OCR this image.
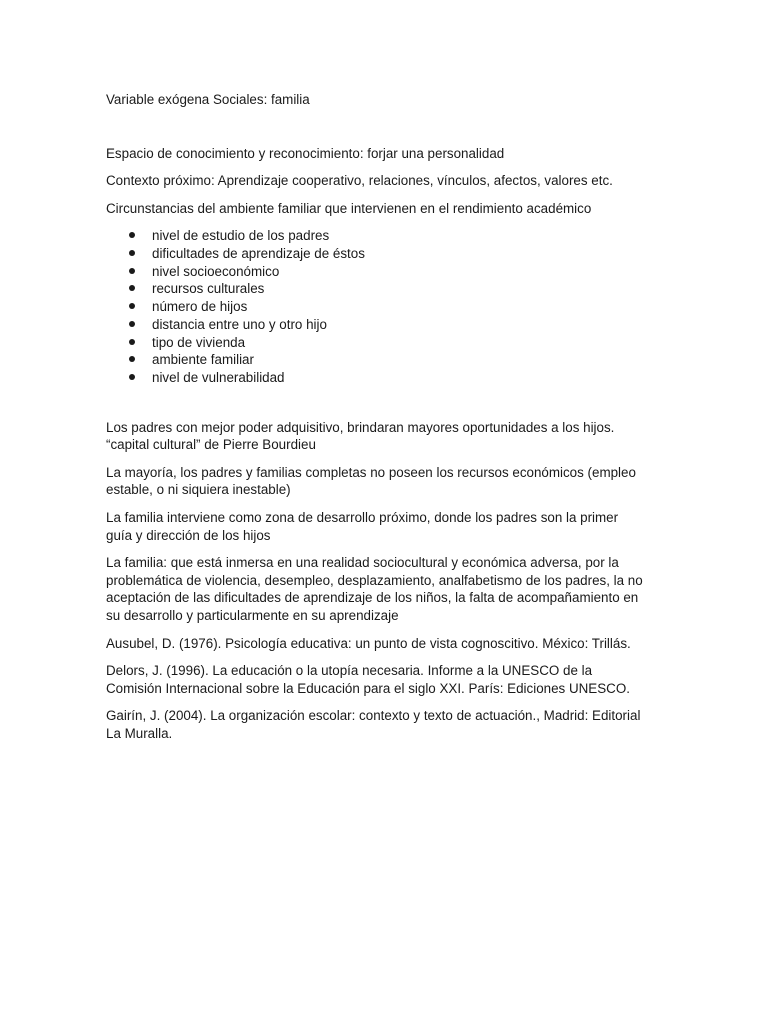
Variable exógena Sociales: familia

Espacio de conocimiento y reconocimiento: forjar una personalidad

Contexto próximo: Aprendizaje cooperativo, relaciones, vínculos, afectos, valores etc.

Circunstancias del ambiente familiar que intervienen en el rendimiento académico

nivel de estudio de los padres
dificultades de aprendizaje de éstos
nivel socioeconómico
recursos culturales
número de hijos
distancia entre uno y otro hijo
tipo de vivienda
ambiente familiar
nivel de vulnerabilidad

Los padres con mejor poder adquisitivo, brindaran mayores oportunidades a los hijos.
“capital cultural” de Pierre Bourdieu

La mayoría, los padres y familias completas no poseen los recursos económicos (empleo
estable, o ni siquiera inestable)

La familia interviene como zona de desarrollo próximo, donde los padres son la primer
guía y dirección de los hijos

La familia: que está inmersa en una realidad sociocultural y económica adversa, por la
problemática de violencia, desempleo, desplazamiento, analfabetismo de los padres, la no
aceptación de las dificultades de aprendizaje de los niños, la falta de acompañamiento en
su desarrollo y particularmente en su aprendizaje

Ausubel, D. (1976). Psicología educativa: un punto de vista cognoscitivo. México: Trillás.

Delors, J. (1996). La educación o la utopía necesaria. Informe a la UNESCO de la
Comisión Internacional sobre la Educación para el siglo XXI. París: Ediciones UNESCO.

Gairín, J. (2004). La organización escolar: contexto y texto de actuación., Madrid: Editorial
La Muralla.
